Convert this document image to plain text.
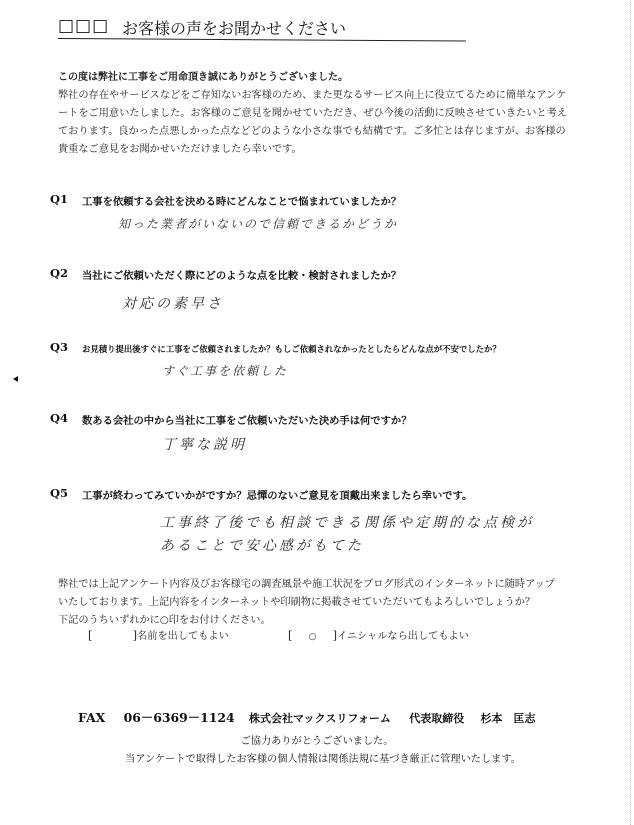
□□□ お客様の声をお聞かせください
この度は弊社に工事をご用命頂き誠にありがとうございました。
弊社の存在やサービスなどをご存知ないお客様のため、また更なるサービス向上に役立てるために簡単なアンケ
ートをご用意いたしました。お客様のご意見を聞かせていただき、ぜひ今後の活動に反映させていきたいと考え
ております。良かった点悪しかった点などどのような小さな事でも結構です。ご多忙とは存じますが、お客様の
貴重なご意見をお聞かせいただけましたら幸いです。
Q1 工事を依頼する会社を決める時にどんなことで悩まれていましたか？
知った業者がいないので信頼できるかどうか
Q2 当社にご依頼いただく際にどのような点を比較・検討されましたか？
対応の素早さ
Q3 お見積り提出後すぐに工事をご依頼されましたか？もしご依頼されなかったとしたらどんな点が不安でしたか？
すぐ工事を依頼した
Q4 数ある会社の中から当社に工事をご依頼いただいた決め手は何ですか？
丁寧な説明
Q5 工事が終わってみていかがですか？忌憚のないご意見を頂戴出来ましたら幸いです。
工事終了後でも相談できる関係や定期的な点検が
あることで安心感がもてた
弊社では上記アンケート内容及びお客様宅の調査風景や施工状況をブログ形式のインターネットに随時アップ
いたしております。上記内容をインターネットや印刷物に掲載させていただいてもよろしいでしょうか？
下記のうちいずれかに○印をお付けください。
[	]名前を出してもよい	[ ○ ]イニシャルなら出してもよい
FAX 06－6369－1124 株式会社マックスリフォーム 代表取締役 杉本　匡志
ご協力ありがとうございました。
当アンケートで取得したお客様の個人情報は関係法規に基づき厳正に管理いたします。
